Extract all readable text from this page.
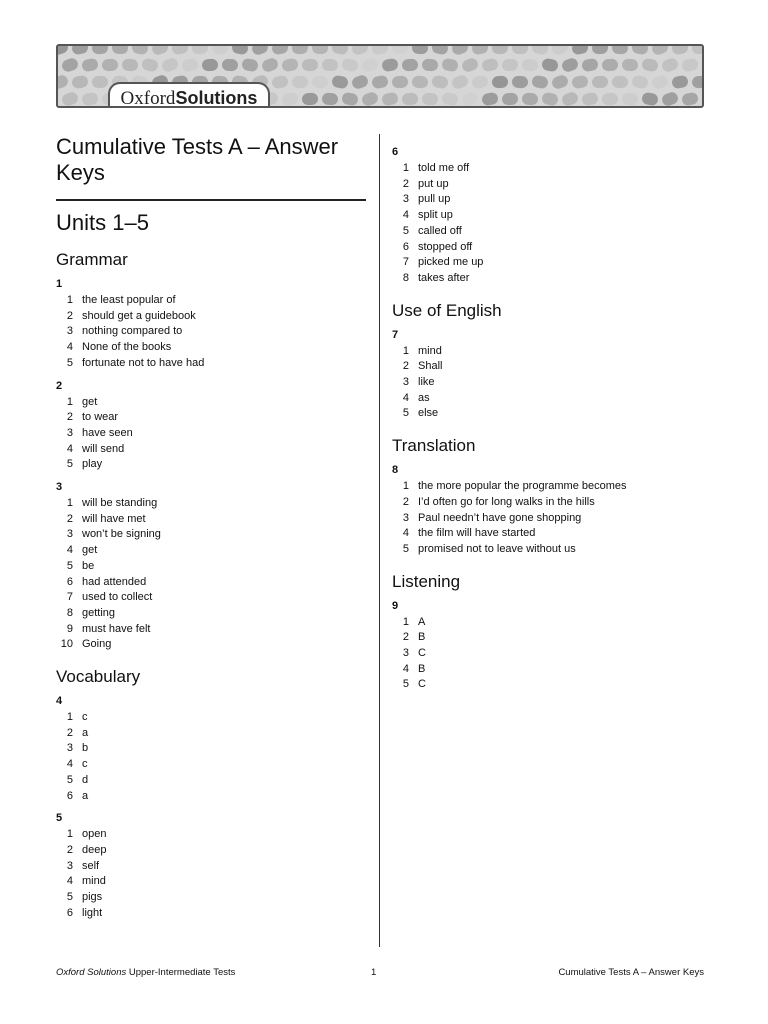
OxfordSolutions
Cumulative Tests A – Answer Keys
Units 1–5
Grammar
1
1 the least popular of
2 should get a guidebook
3 nothing compared to
4 None of the books
5 fortunate not to have had
2
1 get
2 to wear
3 have seen
4 will send
5 play
3
1 will be standing
2 will have met
3 won’t be signing
4 get
5 be
6 had attended
7 used to collect
8 getting
9 must have felt
10 Going
Vocabulary
4
1 c
2 a
3 b
4 c
5 d
6 a
5
1 open
2 deep
3 self
4 mind
5 pigs
6 light
6
1 told me off
2 put up
3 pull up
4 split up
5 called off
6 stopped off
7 picked me up
8 takes after
Use of English
7
1 mind
2 Shall
3 like
4 as
5 else
Translation
8
1 the more popular the programme becomes
2 I’d often go for long walks in the hills
3 Paul needn’t have gone shopping
4 the film will have started
5 promised not to leave without us
Listening
9
1 A
2 B
3 C
4 B
5 C
Oxford Solutions Upper-Intermediate Tests	1	Cumulative Tests A – Answer Keys
